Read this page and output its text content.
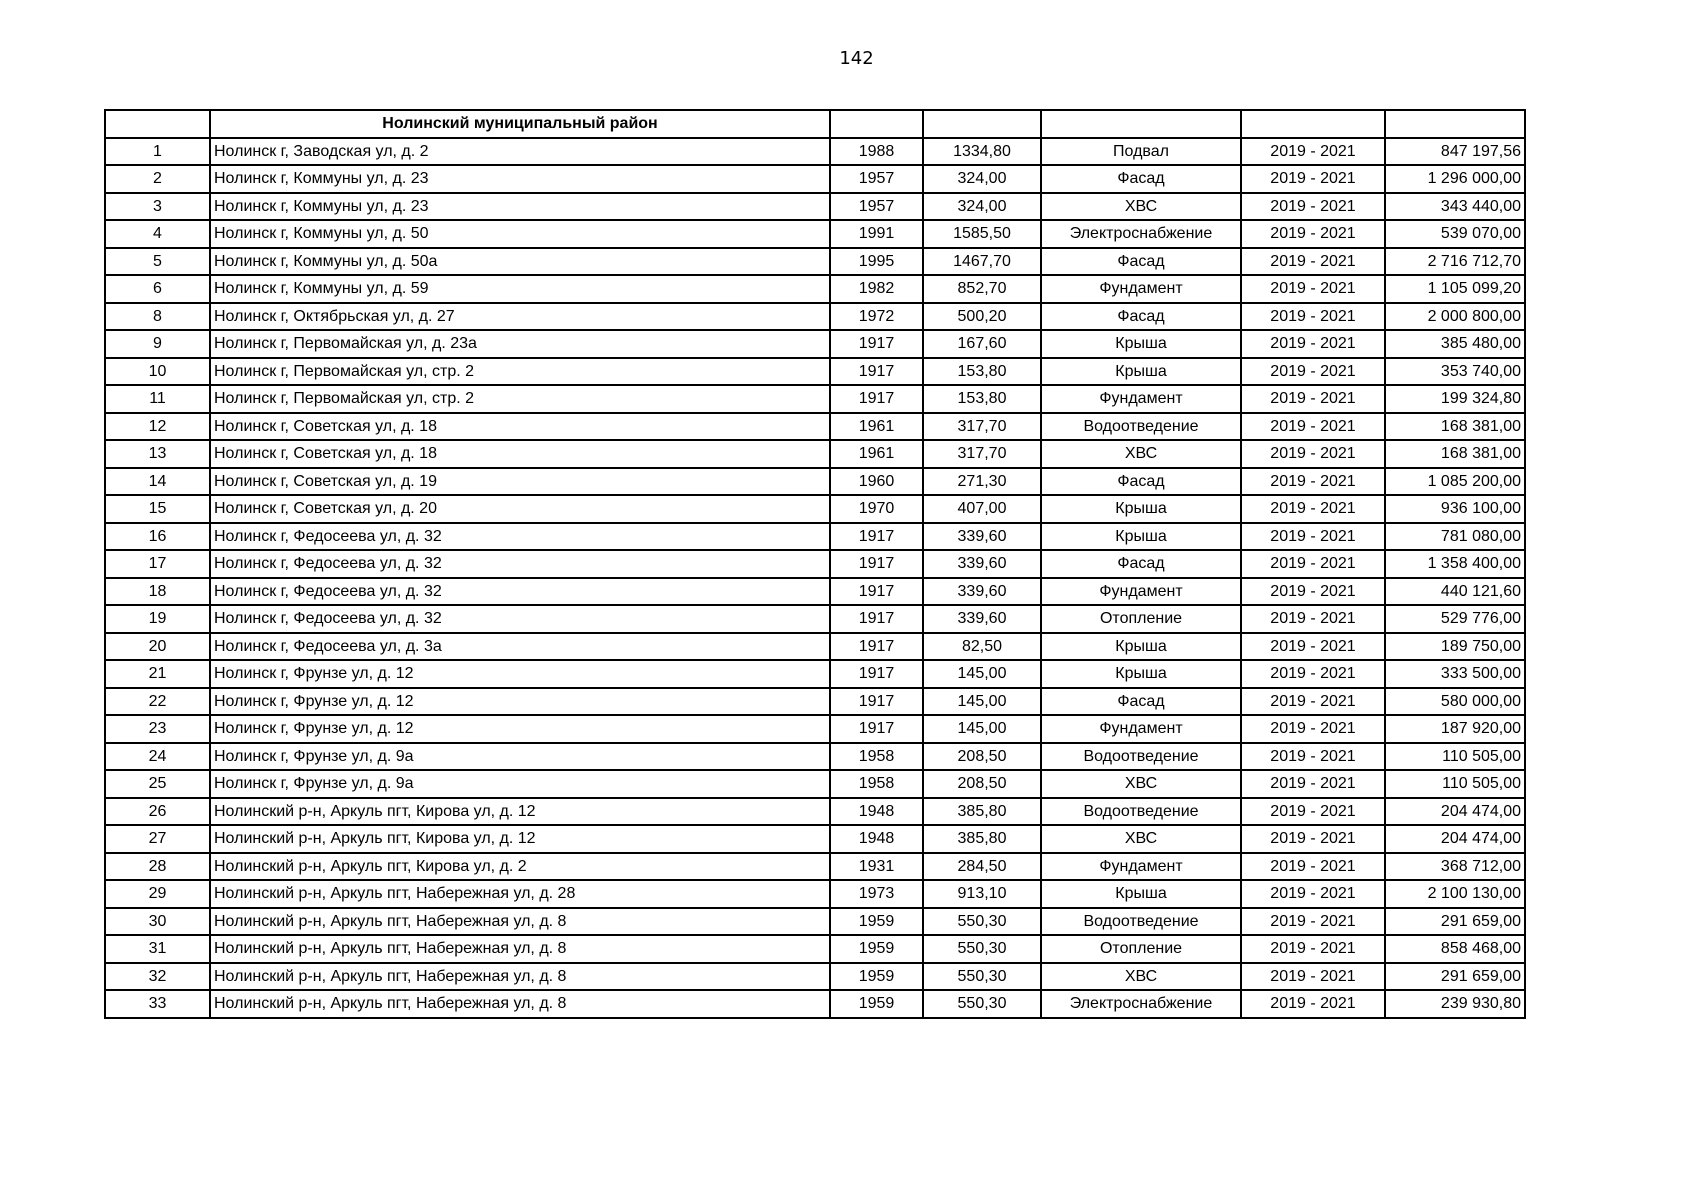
142
	Нолинский муниципальный район					
1	Нолинск г, Заводская ул, д. 2	1988	1334,80	Подвал	2019 - 2021	847 197,56
2	Нолинск г, Коммуны ул, д. 23	1957	324,00	Фасад	2019 - 2021	1 296 000,00
3	Нолинск г, Коммуны ул, д. 23	1957	324,00	ХВС	2019 - 2021	343 440,00
4	Нолинск г, Коммуны ул, д. 50	1991	1585,50	Электроснабжение	2019 - 2021	539 070,00
5	Нолинск г, Коммуны ул, д. 50а	1995	1467,70	Фасад	2019 - 2021	2 716 712,70
6	Нолинск г, Коммуны ул, д. 59	1982	852,70	Фундамент	2019 - 2021	1 105 099,20
8	Нолинск г, Октябрьская ул, д. 27	1972	500,20	Фасад	2019 - 2021	2 000 800,00
9	Нолинск г, Первомайская ул, д. 23а	1917	167,60	Крыша	2019 - 2021	385 480,00
10	Нолинск г, Первомайская ул, стр. 2	1917	153,80	Крыша	2019 - 2021	353 740,00
11	Нолинск г, Первомайская ул, стр. 2	1917	153,80	Фундамент	2019 - 2021	199 324,80
12	Нолинск г, Советская ул, д. 18	1961	317,70	Водоотведение	2019 - 2021	168 381,00
13	Нолинск г, Советская ул, д. 18	1961	317,70	ХВС	2019 - 2021	168 381,00
14	Нолинск г, Советская ул, д. 19	1960	271,30	Фасад	2019 - 2021	1 085 200,00
15	Нолинск г, Советская ул, д. 20	1970	407,00	Крыша	2019 - 2021	936 100,00
16	Нолинск г, Федосеева ул, д. 32	1917	339,60	Крыша	2019 - 2021	781 080,00
17	Нолинск г, Федосеева ул, д. 32	1917	339,60	Фасад	2019 - 2021	1 358 400,00
18	Нолинск г, Федосеева ул, д. 32	1917	339,60	Фундамент	2019 - 2021	440 121,60
19	Нолинск г, Федосеева ул, д. 32	1917	339,60	Отопление	2019 - 2021	529 776,00
20	Нолинск г, Федосеева ул, д. 3а	1917	82,50	Крыша	2019 - 2021	189 750,00
21	Нолинск г, Фрунзе ул, д. 12	1917	145,00	Крыша	2019 - 2021	333 500,00
22	Нолинск г, Фрунзе ул, д. 12	1917	145,00	Фасад	2019 - 2021	580 000,00
23	Нолинск г, Фрунзе ул, д. 12	1917	145,00	Фундамент	2019 - 2021	187 920,00
24	Нолинск г, Фрунзе ул, д. 9а	1958	208,50	Водоотведение	2019 - 2021	110 505,00
25	Нолинск г, Фрунзе ул, д. 9а	1958	208,50	ХВС	2019 - 2021	110 505,00
26	Нолинский р-н, Аркуль пгт, Кирова ул, д. 12	1948	385,80	Водоотведение	2019 - 2021	204 474,00
27	Нолинский р-н, Аркуль пгт, Кирова ул, д. 12	1948	385,80	ХВС	2019 - 2021	204 474,00
28	Нолинский р-н, Аркуль пгт, Кирова ул, д. 2	1931	284,50	Фундамент	2019 - 2021	368 712,00
29	Нолинский р-н, Аркуль пгт, Набережная ул, д. 28	1973	913,10	Крыша	2019 - 2021	2 100 130,00
30	Нолинский р-н, Аркуль пгт, Набережная ул, д. 8	1959	550,30	Водоотведение	2019 - 2021	291 659,00
31	Нолинский р-н, Аркуль пгт, Набережная ул, д. 8	1959	550,30	Отопление	2019 - 2021	858 468,00
32	Нолинский р-н, Аркуль пгт, Набережная ул, д. 8	1959	550,30	ХВС	2019 - 2021	291 659,00
33	Нолинский р-н, Аркуль пгт, Набережная ул, д. 8	1959	550,30	Электроснабжение	2019 - 2021	239 930,80
